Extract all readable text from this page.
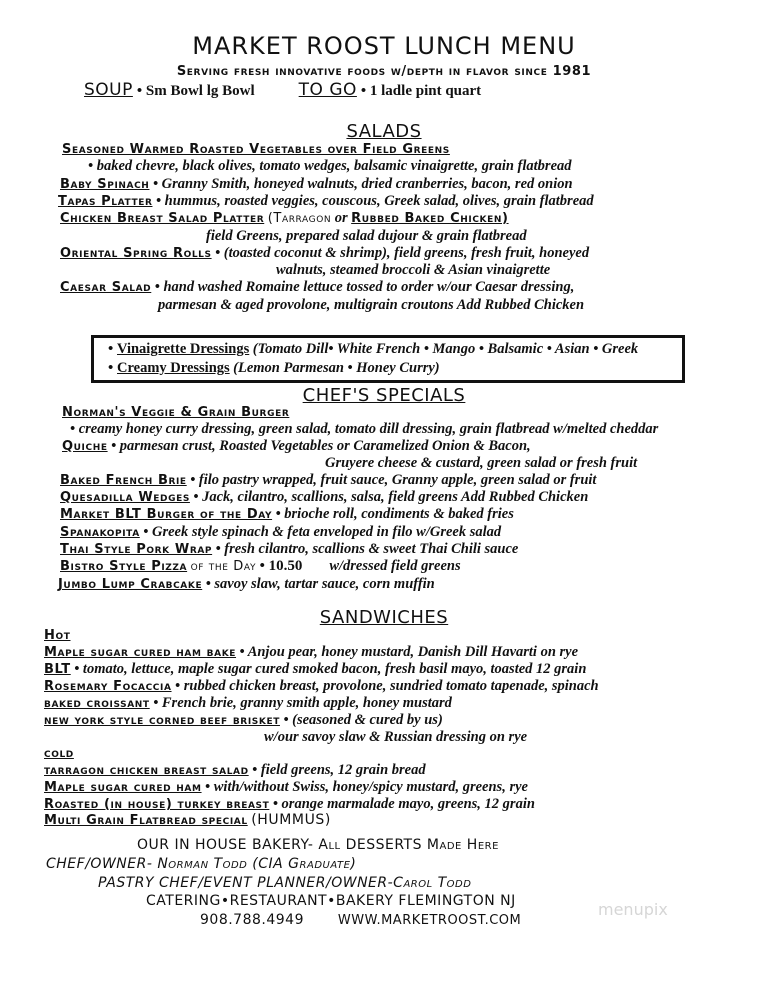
MARKET ROOST LUNCH MENU
Serving fresh innovative foods w/depth in flavor since 1981
SOUP • Sm Bowl lg Bowl	TO GO • 1 ladle pint quart
SALADS
Seasoned Warmed Roasted Vegetables over Field Greens
• baked chevre, black olives, tomato wedges, balsamic vinaigrette, grain flatbread
Baby Spinach • Granny Smith, honeyed walnuts, dried cranberries, bacon, red onion
Tapas Platter • hummus, roasted veggies, couscous, Greek salad, olives, grain flatbread
Chicken Breast Salad Platter (Tarragon or Rubbed Baked Chicken)
field Greens, prepared salad dujour & grain flatbread
Oriental Spring Rolls • (toasted coconut & shrimp), field greens, fresh fruit, honeyed
walnuts, steamed broccoli & Asian vinaigrette
Caesar Salad • hand washed Romaine lettuce tossed to order w/our Caesar dressing,
parmesan & aged provolone, multigrain croutons Add Rubbed Chicken
• Vinaigrette Dressings (Tomato Dill• White French • Mango • Balsamic • Asian • Greek
• Creamy Dressings (Lemon Parmesan • Honey Curry)
CHEF'S SPECIALS
Norman's Veggie & Grain Burger
• creamy honey curry dressing, green salad, tomato dill dressing, grain flatbread w/melted cheddar
Quiche • parmesan crust, Roasted Vegetables or Caramelized Onion & Bacon,
Gruyere cheese & custard, green salad or fresh fruit
Baked French Brie • filo pastry wrapped, fruit sauce, Granny apple, green salad or fruit
Quesadilla Wedges • Jack, cilantro, scallions, salsa, field greens Add Rubbed Chicken
Market BLT Burger of the Day • brioche roll, condiments & baked fries
Spanakopita • Greek style spinach & feta enveloped in filo w/Greek salad
Thai Style Pork Wrap • fresh cilantro, scallions & sweet Thai Chili sauce
Bistro Style Pizza of the Day • 10.50 w/dressed field greens
Jumbo Lump Crabcake • savoy slaw, tartar sauce, corn muffin
SANDWICHES
Hot
Maple sugar cured ham bake • Anjou pear, honey mustard, Danish Dill Havarti on rye
BLT • tomato, lettuce, maple sugar cured smoked bacon, fresh basil mayo, toasted 12 grain
Rosemary Focaccia • rubbed chicken breast, provolone, sundried tomato tapenade, spinach
baked croissant • French brie, granny smith apple, honey mustard
new york style corned beef brisket • (seasoned & cured by us)
w/our savoy slaw & Russian dressing on rye
cold
tarragon chicken breast salad • field greens, 12 grain bread
Maple sugar cured ham • with/without Swiss, honey/spicy mustard, greens, rye
Roasted (in house) turkey breast • orange marmalade mayo, greens, 12 grain
Multi Grain Flatbread special (HUMMUS)
OUR IN HOUSE BAKERY- All DESSERTS Made Here
CHEF/OWNER- Norman Todd (CIA Graduate)
PASTRY CHEF/EVENT PLANNER/OWNER-Carol Todd
CATERING•RESTAURANT•BAKERY FLEMINGTON NJ
908.788.4949	WWW.MARKETROOST.COM
menupix
